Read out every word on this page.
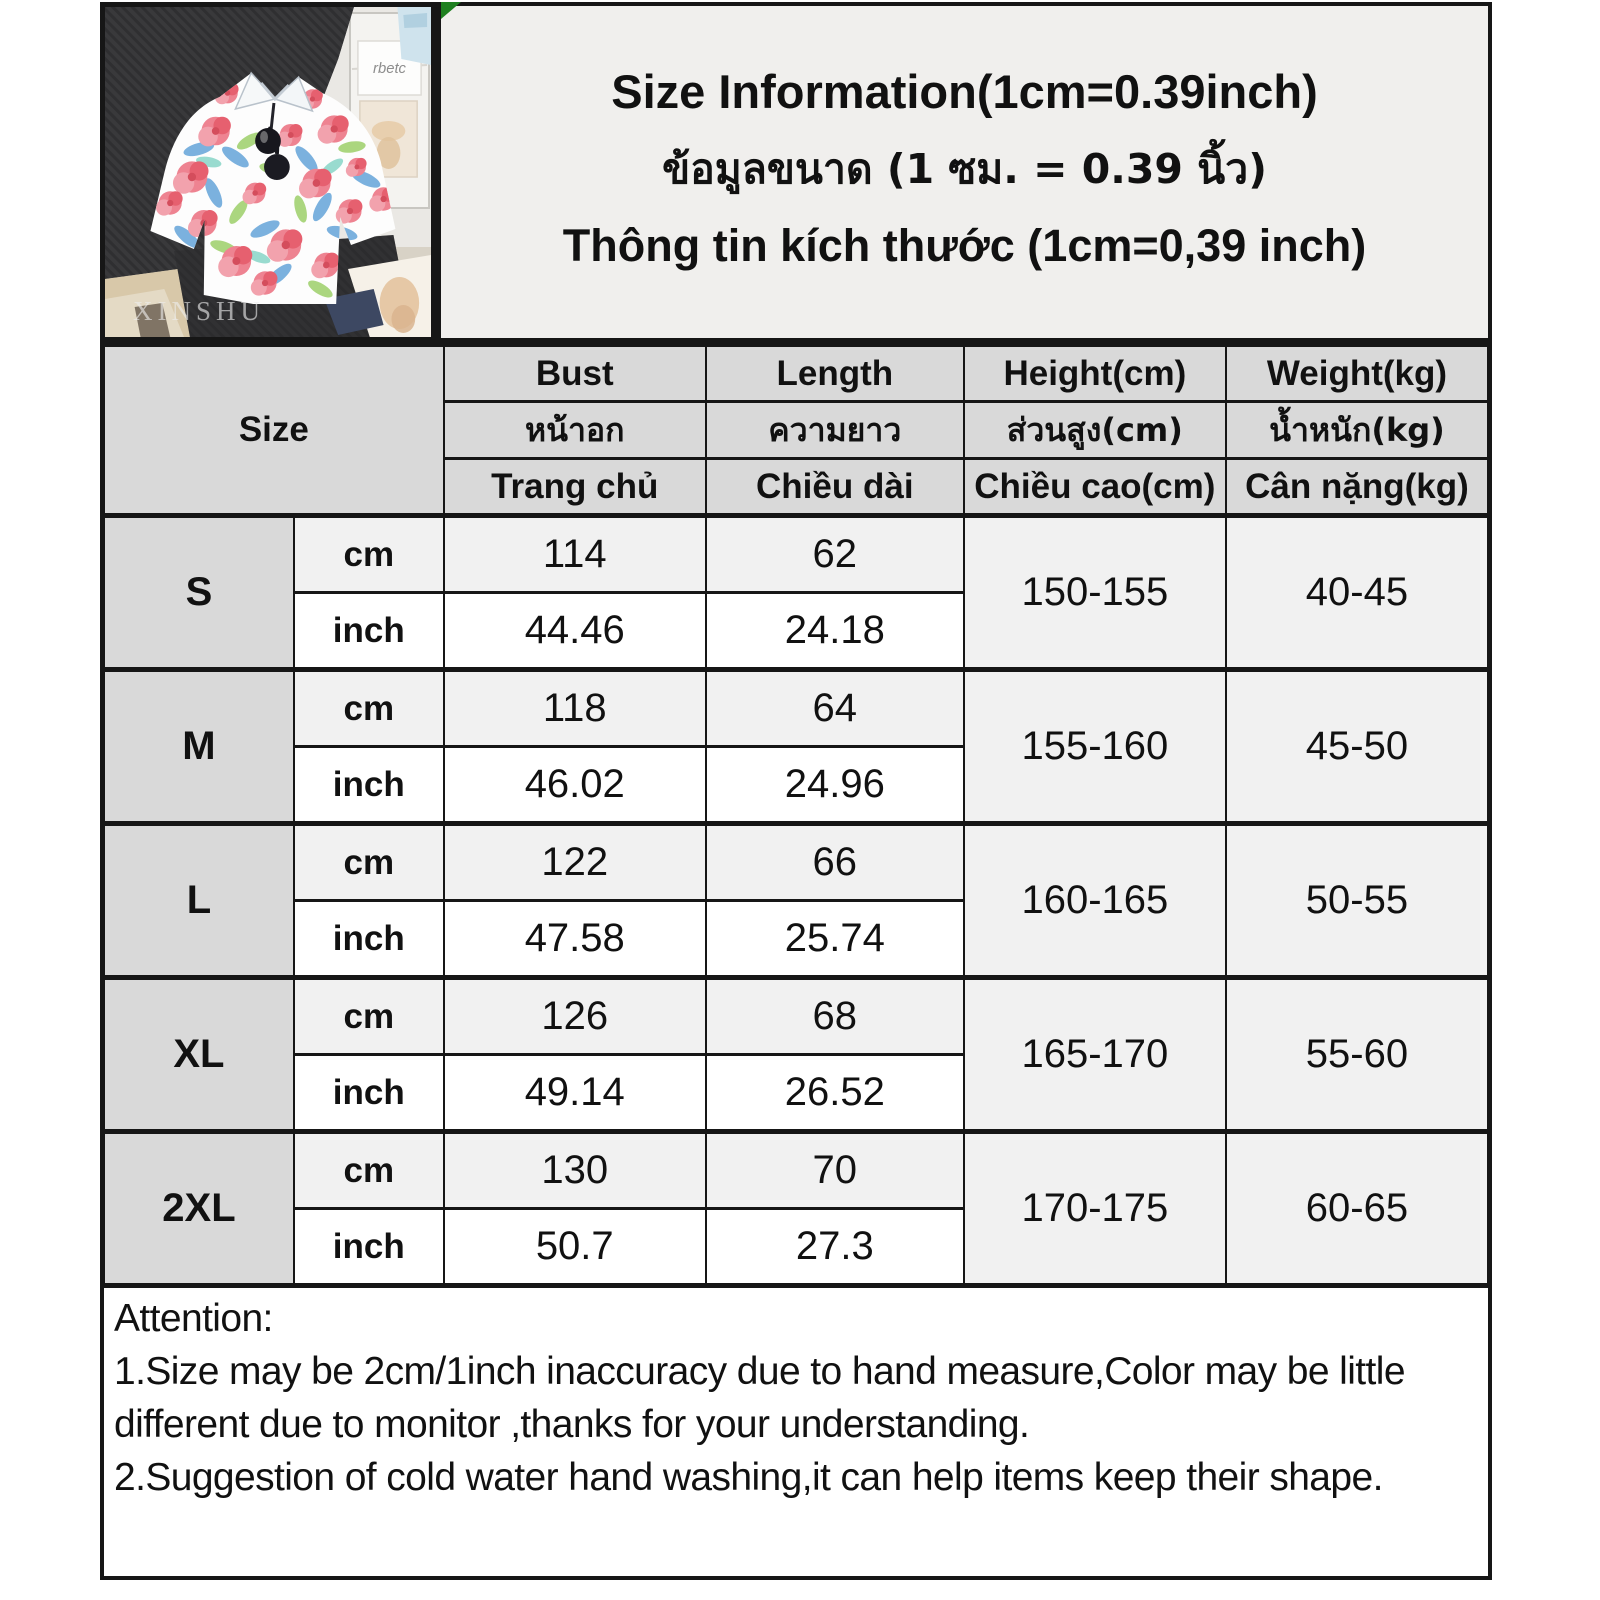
rbetc
XINSHU
Size Information(1cm=0.39inch)
ข้อมูลขนาด (1 ซม. = 0.39 นิ้ว)
Thông tin kích thước (1cm=0,39 inch)
Size		Bust	Length	Height(cm)	Weight(kg)
		หน้าอก	ความยาว	ส่วนสูง(cm)	น้ำหนัก(kg)
		Trang chủ	Chiều dài	Chiều cao(cm)	Cân nặng(kg)
S	cm	114	62	150-155	40-45
	inch	44.46	24.18		
M	cm	118	64	155-160	45-50
	inch	46.02	24.96		
L	cm	122	66	160-165	50-55
	inch	47.58	25.74		
XL	cm	126	68	165-170	55-60
	inch	49.14	26.52		
2XL	cm	130	70	170-175	60-65
	inch	50.7	27.3		
Attention:
1.Size may be 2cm/1inch inaccuracy due to hand measure,Color may be little different due to monitor ,thanks for your understanding.
2.Suggestion of cold water hand washing,it can help items keep their shape.
